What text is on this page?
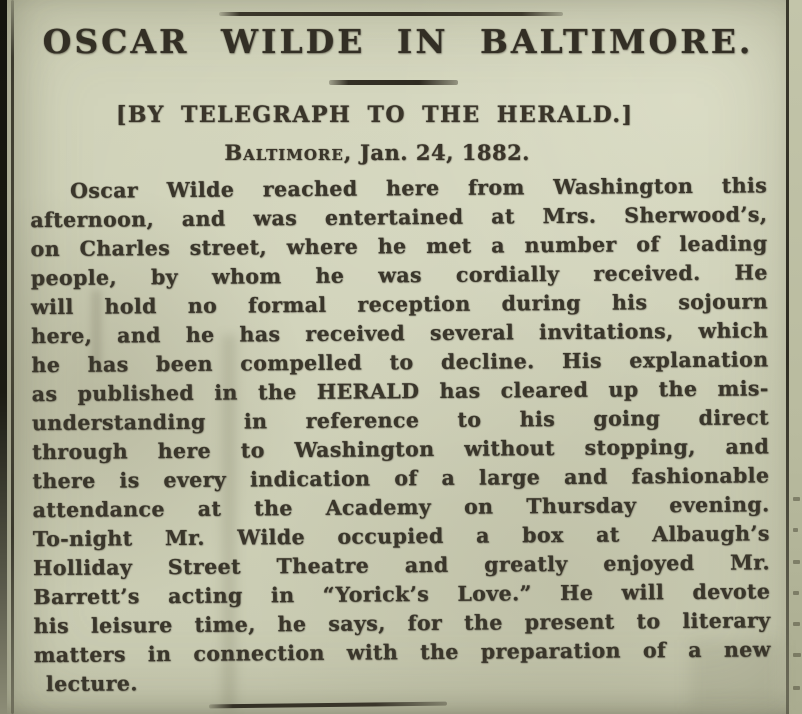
OSCAR WILDE IN BALTIMORE.
[BY TELEGRAPH TO THE HERALD.]
Baltimore, Jan. 24, 1882.
Oscar Wilde reached here from Washington this
afternoon, and was entertained at Mrs. Sherwood’s,
on Charles street, where he met a number of leading
people, by whom he was cordially received. He
will hold no formal reception during his sojourn
here, and he has received several invitations, which
he has been compelled to decline. His explanation
as published in the HERALD has cleared up the mis-
understanding in reference to his going direct
through here to Washington without stopping, and
there is every indication of a large and fashionable
attendance at the Academy on Thursday evening.
To-night Mr. Wilde occupied a box at Albaugh’s
Holliday Street Theatre and greatly enjoyed Mr.
Barrett’s acting in “Yorick’s Love.” He will devote
his leisure time, he says, for the present to literary
matters in connection with the preparation of a new
lecture.
